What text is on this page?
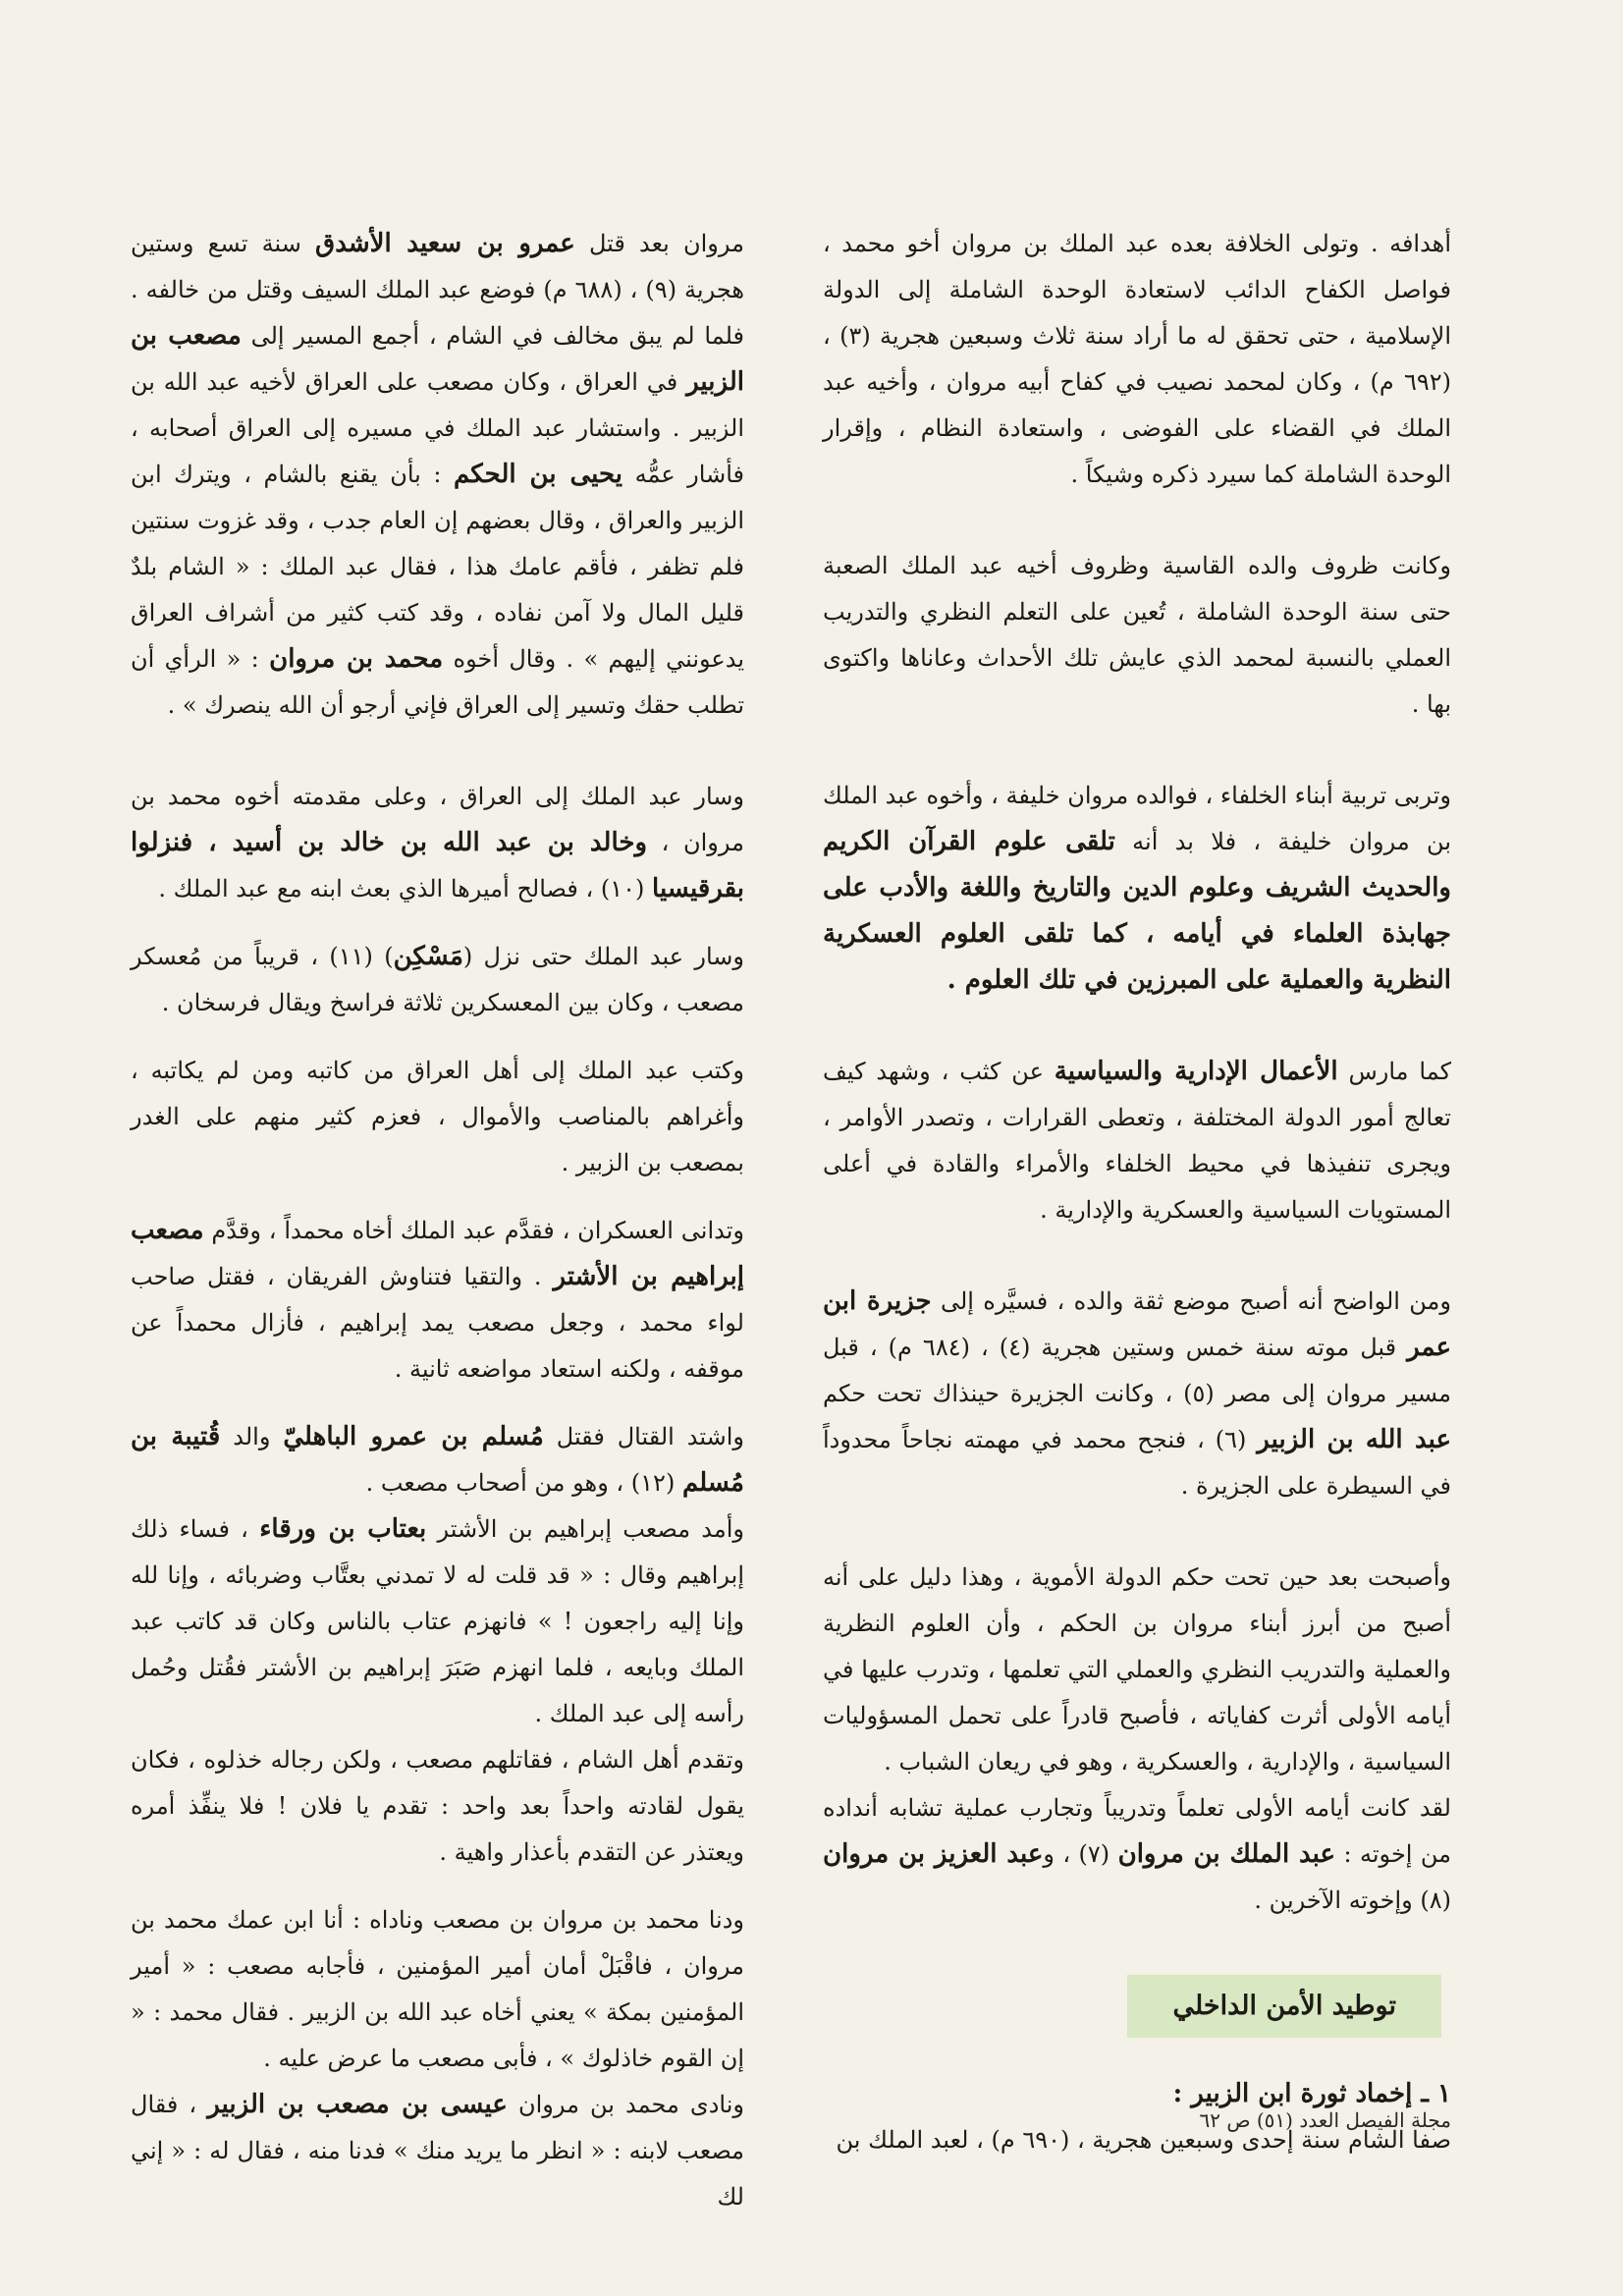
أهدافه . وتولى الخلافة بعده عبد الملك بن مروان أخو محمد ، فواصل الكفاح الدائب لاستعادة الوحدة الشاملة إلى الدولة الإسلامية ، حتى تحقق له ما أراد سنة ثلاث وسبعين هجرية (٣) ، (٦٩٢ م) ، وكان لمحمد نصيب في كفاح أبيه مروان ، وأخيه عبد الملك في القضاء على الفوضى ، واستعادة النظام ، وإقرار الوحدة الشاملة كما سيرد ذكره وشيكاً .

وكانت ظروف والده القاسية وظروف أخيه عبد الملك الصعبة حتى سنة الوحدة الشاملة ، تُعين على التعلم النظري والتدريب العملي بالنسبة لمحمد الذي عايش تلك الأحداث وعاناها واكتوى بها .

وتربى تربية أبناء الخلفاء ، فوالده مروان خليفة ، وأخوه عبد الملك بن مروان خليفة ، فلا بد أنه تلقى علوم القرآن الكريم والحديث الشريف وعلوم الدين والتاريخ واللغة والأدب على جهابذة العلماء في أيامه ، كما تلقى العلوم العسكرية النظرية والعملية على المبرزين في تلك العلوم .

كما مارس الأعمال الإدارية والسياسية عن كثب ، وشهد كيف تعالج أمور الدولة المختلفة ، وتعطى القرارات ، وتصدر الأوامر ، ويجرى تنفيذها في محيط الخلفاء والأمراء والقادة في أعلى المستويات السياسية والعسكرية والإدارية .

ومن الواضح أنه أصبح موضع ثقة والده ، فسيَّره إلى جزيرة ابن عمر قبل موته سنة خمس وستين هجرية (٤) ، (٦٨٤ م) ، قبل مسير مروان إلى مصر (٥) ، وكانت الجزيرة حينذاك تحت حكم عبد الله بن الزبير (٦) ، فنجح محمد في مهمته نجاحاً محدوداً في السيطرة على الجزيرة .

وأصبحت بعد حين تحت حكم الدولة الأموية ، وهذا دليل على أنه أصبح من أبرز أبناء مروان بن الحكم ، وأن العلوم النظرية والعملية والتدريب النظري والعملي التي تعلمها ، وتدرب عليها في أيامه الأولى أثرت كفاياته ، فأصبح قادراً على تحمل المسؤوليات السياسية ، والإدارية ، والعسكرية ، وهو في ريعان الشباب .

لقد كانت أيامه الأولى تعلماً وتدريباً وتجارب عملية تشابه أنداده من إخوته : عبد الملك بن مروان (٧) ، وعبد العزيز بن مروان (٨) وإخوته الآخرين .

توطيد الأمن الداخلي

١ ـ إخماد ثورة ابن الزبير :

صفا الشام سنة إحدى وسبعين هجرية ، (٦٩٠ م) ، لعبد الملك بن

مروان بعد قتل عمرو بن سعيد الأشدق سنة تسع وستين هجرية (٩) ، (٦٨٨ م) فوضع عبد الملك السيف وقتل من خالفه . فلما لم يبق مخالف في الشام ، أجمع المسير إلى مصعب بن الزبير في العراق ، وكان مصعب على العراق لأخيه عبد الله بن الزبير . واستشار عبد الملك في مسيره إلى العراق أصحابه ، فأشار عمُّه يحيى بن الحكم : بأن يقنع بالشام ، ويترك ابن الزبير والعراق ، وقال بعضهم إن العام جدب ، وقد غزوت سنتين فلم تظفر ، فأقم عامك هذا ، فقال عبد الملك : « الشام بلدٌ قليل المال ولا آمن نفاده ، وقد كتب كثير من أشراف العراق يدعونني إليهم » . وقال أخوه محمد بن مروان : « الرأي أن تطلب حقك وتسير إلى العراق فإني أرجو أن الله ينصرك » .

وسار عبد الملك إلى العراق ، وعلى مقدمته أخوه محمد بن مروان ، وخالد بن عبد الله بن خالد بن أسيد ، فنزلوا بقرقيسيا (١٠) ، فصالح أميرها الذي بعث ابنه مع عبد الملك .

وسار عبد الملك حتى نزل (مَسْكِن) (١١) ، قريباً من مُعسكر مصعب ، وكان بين المعسكرين ثلاثة فراسخ ويقال فرسخان .

وكتب عبد الملك إلى أهل العراق من كاتبه ومن لم يكاتبه ، وأغراهم بالمناصب والأموال ، فعزم كثير منهم على الغدر بمصعب بن الزبير .

وتدانى العسكران ، فقدَّم عبد الملك أخاه محمداً ، وقدَّم مصعب إبراهيم بن الأشتر . والتقيا فتناوش الفريقان ، فقتل صاحب لواء محمد ، وجعل مصعب يمد إبراهيم ، فأزال محمداً عن موقفه ، ولكنه استعاد مواضعه ثانية .

واشتد القتال فقتل مُسلم بن عمرو الباهليّ والد قُتيبة بن مُسلم (١٢) ، وهو من أصحاب مصعب .

وأمد مصعب إبراهيم بن الأشتر بعتاب بن ورقاء ، فساء ذلك إبراهيم وقال : « قد قلت له لا تمدني بعتَّاب وضربائه ، وإنا لله وإنا إليه راجعون ! » فانهزم عتاب بالناس وكان قد كاتب عبد الملك وبايعه ، فلما انهزم صَبَرَ إبراهيم بن الأشتر فقُتل وحُمل رأسه إلى عبد الملك .

وتقدم أهل الشام ، فقاتلهم مصعب ، ولكن رجاله خذلوه ، فكان يقول لقادته واحداً بعد واحد : تقدم يا فلان ! فلا ينفِّذ أمره ويعتذر عن التقدم بأعذار واهية .

ودنا محمد بن مروان بن مصعب وناداه : أنا ابن عمك محمد بن مروان ، فاقْبَلْ أمان أمير المؤمنين ، فأجابه مصعب : « أمير المؤمنين بمكة » يعني أخاه عبد الله بن الزبير . فقال محمد : « إن القوم خاذلوك » ، فأبى مصعب ما عرض عليه .

ونادى محمد بن مروان عيسى بن مصعب بن الزبير ، فقال مصعب لابنه : « انظر ما يريد منك » فدنا منه ، فقال له : « إني لك

مجلة الفيصل العدد (٥١) ص ٦٢
